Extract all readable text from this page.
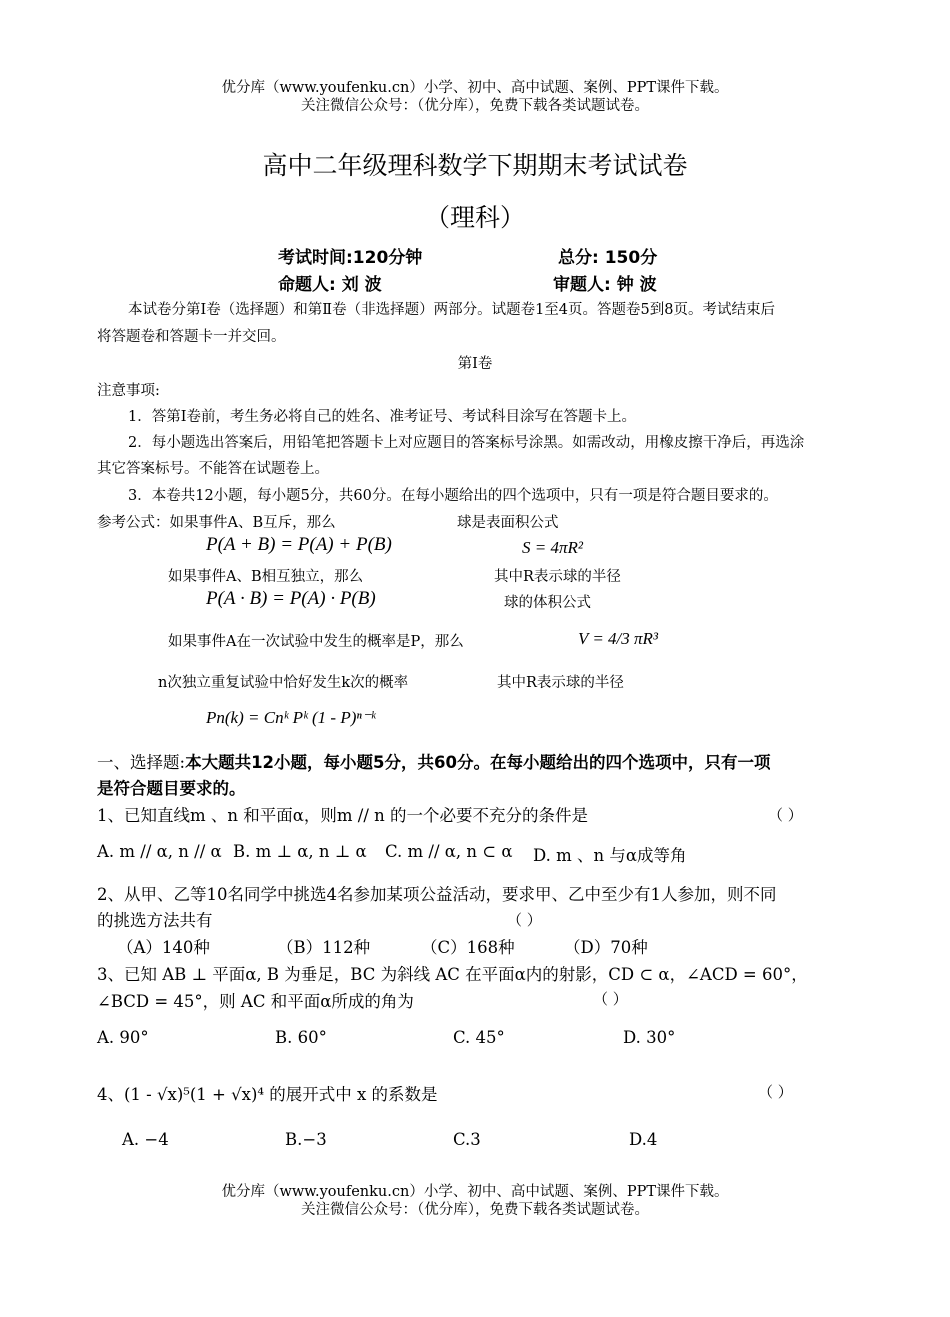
优分库（www.youfenku.cn）小学、初中、高中试题、案例、PPT课件下载。
关注微信公众号：（优分库），免费下载各类试题试卷。
高中二年级理科数学下期期末考试试卷
（理科）
考试时间:120分钟	总分: 150分
命题人: 刘 波	审题人: 钟 波
本试卷分第Ⅰ卷（选择题）和第Ⅱ卷（非选择题）两部分。试题卷1至4页。答题卷5到8页。考试结束后
将答题卷和答题卡一并交回。
第Ⅰ卷
注意事项:
1．答第Ⅰ卷前，考生务必将自己的姓名、准考证号、考试科目涂写在答题卡上。
2．每小题选出答案后，用铅笔把答题卡上对应题目的答案标号涂黑。如需改动，用橡皮擦干净后，再选涂
其它答案标号。不能答在试题卷上。
3．本卷共12小题，每小题5分，共60分。在每小题给出的四个选项中，只有一项是符合题目要求的。
参考公式：如果事件A、B互斥，那么	球是表面积公式
P(A + B) = P(A) + P(B)	S = 4πR²
如果事件A、B相互独立，那么	其中R表示球的半径
P(A · B) = P(A) · P(B)	球的体积公式
如果事件A在一次试验中发生的概率是P，那么	V = 4/3 πR³
n次独立重复试验中恰好发生k次的概率	其中R表示球的半径
Pn(k) = Cnᵏ Pᵏ (1 - P)ⁿ⁻ᵏ
一、选择题:本大题共12小题，每小题5分，共60分。在每小题给出的四个选项中，只有一项
是符合题目要求的。
1、已知直线m 、n 和平面α，则m // n 的一个必要不充分的条件是	（ ）
A. m // α, n // α B. m ⊥ α, n ⊥ α C. m // α, n ⊂ α D. m 、n 与α成等角
2、从甲、乙等10名同学中挑选4名参加某项公益活动，要求甲、乙中至少有1人参加，则不同
的挑选方法共有	（ ）
（A）140种	（B）112种	（C）168种	（D）70种
3、已知 AB ⊥ 平面α, B 为垂足，BC 为斜线 AC 在平面α内的射影，CD ⊂ α，∠ACD = 60°，
∠BCD = 45°，则 AC 和平面α所成的角为	（ ）
A. 90°	B. 60°	C. 45°	D. 30°
4、(1 - √x)⁵(1 + √x)⁴ 的展开式中 x 的系数是	（ ）
A. −4	B.−3	C.3	D.4
优分库（www.youfenku.cn）小学、初中、高中试题、案例、PPT课件下载。
关注微信公众号：（优分库），免费下载各类试题试卷。
